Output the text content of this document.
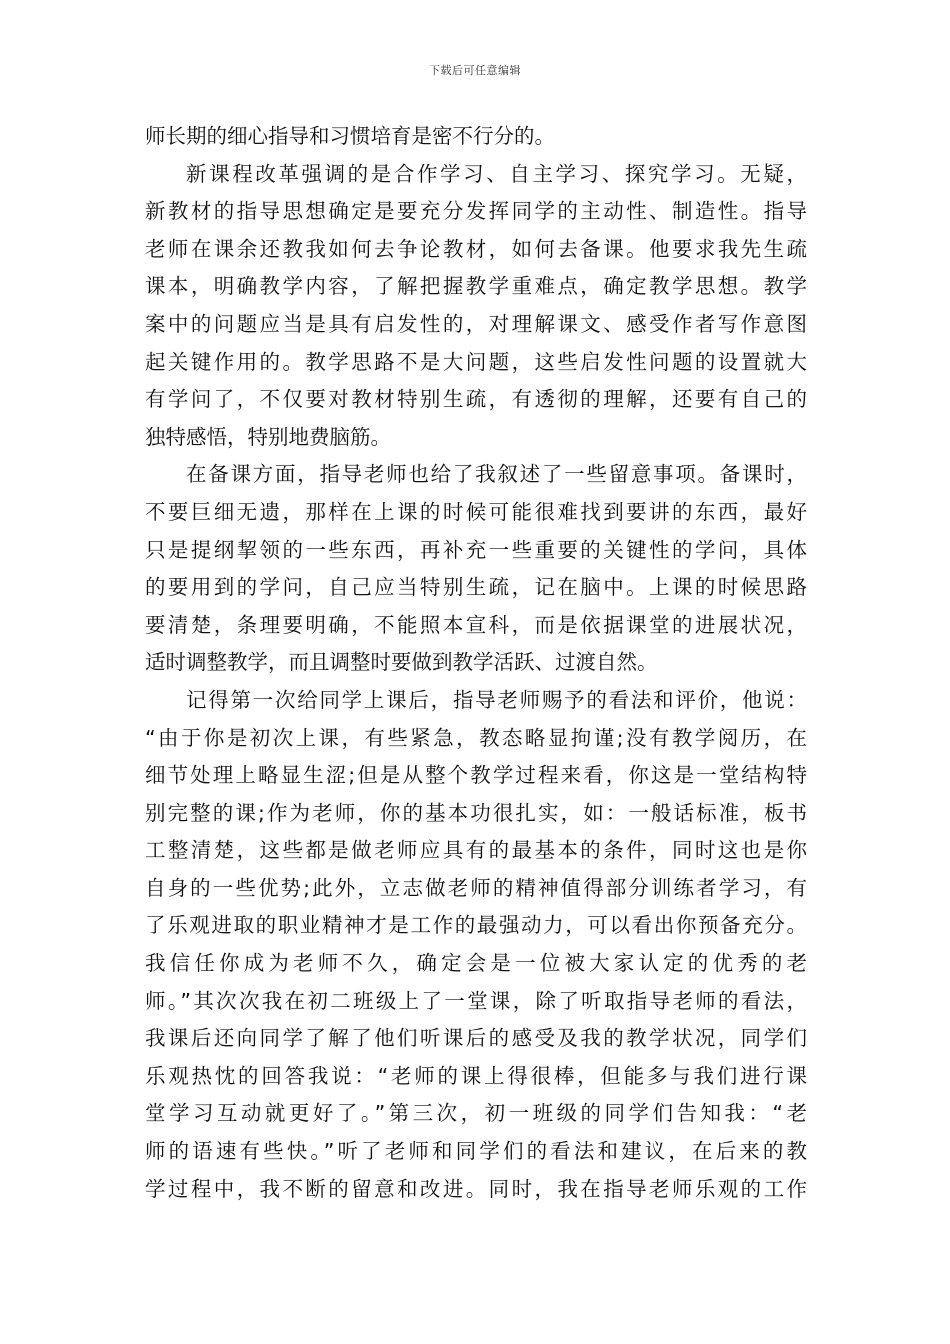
下载后可任意编辑
师长期的细心指导和习惯培育是密不行分的。
新课程改革强调的是合作学习、自主学习、探究学习。无疑，
新教材的指导思想确定是要充分发挥同学的主动性、制造性。指导
老师在课余还教我如何去争论教材，如何去备课。他要求我先生疏
课本，明确教学内容，了解把握教学重难点，确定教学思想。教学
案中的问题应当是具有启发性的，对理解课文、感受作者写作意图
起关键作用的。教学思路不是大问题，这些启发性问题的设置就大
有学问了，不仅要对教材特别生疏，有透彻的理解，还要有自己的
独特感悟，特别地费脑筋。
在备课方面，指导老师也给了我叙述了一些留意事项。备课时，
不要巨细无遗，那样在上课的时候可能很难找到要讲的东西，最好
只是提纲挈领的一些东西，再补充一些重要的关键性的学问，具体
的要用到的学问，自己应当特别生疏，记在脑中。上课的时候思路
要清楚，条理要明确，不能照本宣科，而是依据课堂的进展状况，
适时调整教学，而且调整时要做到教学活跃、过渡自然。
记得第一次给同学上课后，指导老师赐予的看法和评价，他说：
“由于你是初次上课，有些紧急，教态略显拘谨;没有教学阅历，在
细节处理上略显生涩;但是从整个教学过程来看，你这是一堂结构特
别完整的课;作为老师，你的基本功很扎实，如：一般话标准，板书
工整清楚，这些都是做老师应具有的最基本的条件，同时这也是你
自身的一些优势;此外，立志做老师的精神值得部分训练者学习，有
了乐观进取的职业精神才是工作的最强动力，可以看出你预备充分。
我信任你成为老师不久，确定会是一位被大家认定的优秀的老
师。”其次次我在初二班级上了一堂课，除了听取指导老师的看法，
我课后还向同学了解了他们听课后的感受及我的教学状况，同学们
乐观热忱的回答我说：“老师的课上得很棒，但能多与我们进行课
堂学习互动就更好了。”第三次，初一班级的同学们告知我：“老
师的语速有些快。”听了老师和同学们的看法和建议，在后来的教
学过程中，我不断的留意和改进。同时，我在指导老师乐观的工作
